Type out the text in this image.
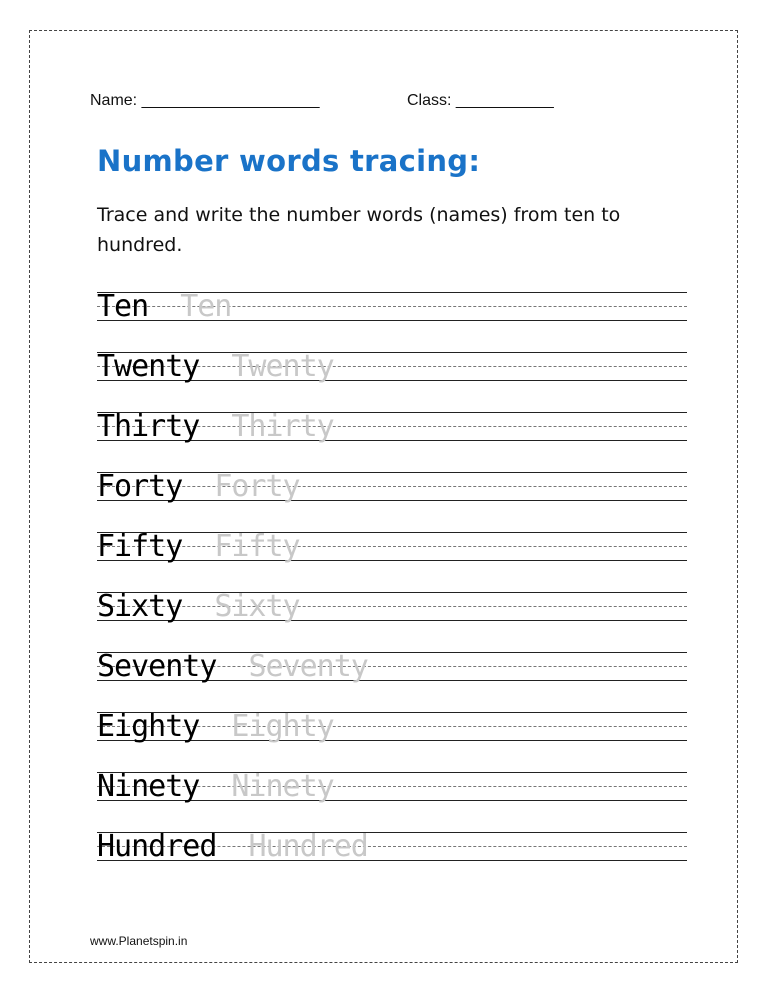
Name: ____________________	Class: ___________
Number words tracing:
Trace and write the number words (names) from ten to hundred.
Ten Ten
Twenty Twenty
Thirty Thirty
Forty Forty
Fifty Fifty
Sixty Sixty
Seventy Seventy
Eighty Eighty
Ninety Ninety
Hundred Hundred
www.Planetspin.in
